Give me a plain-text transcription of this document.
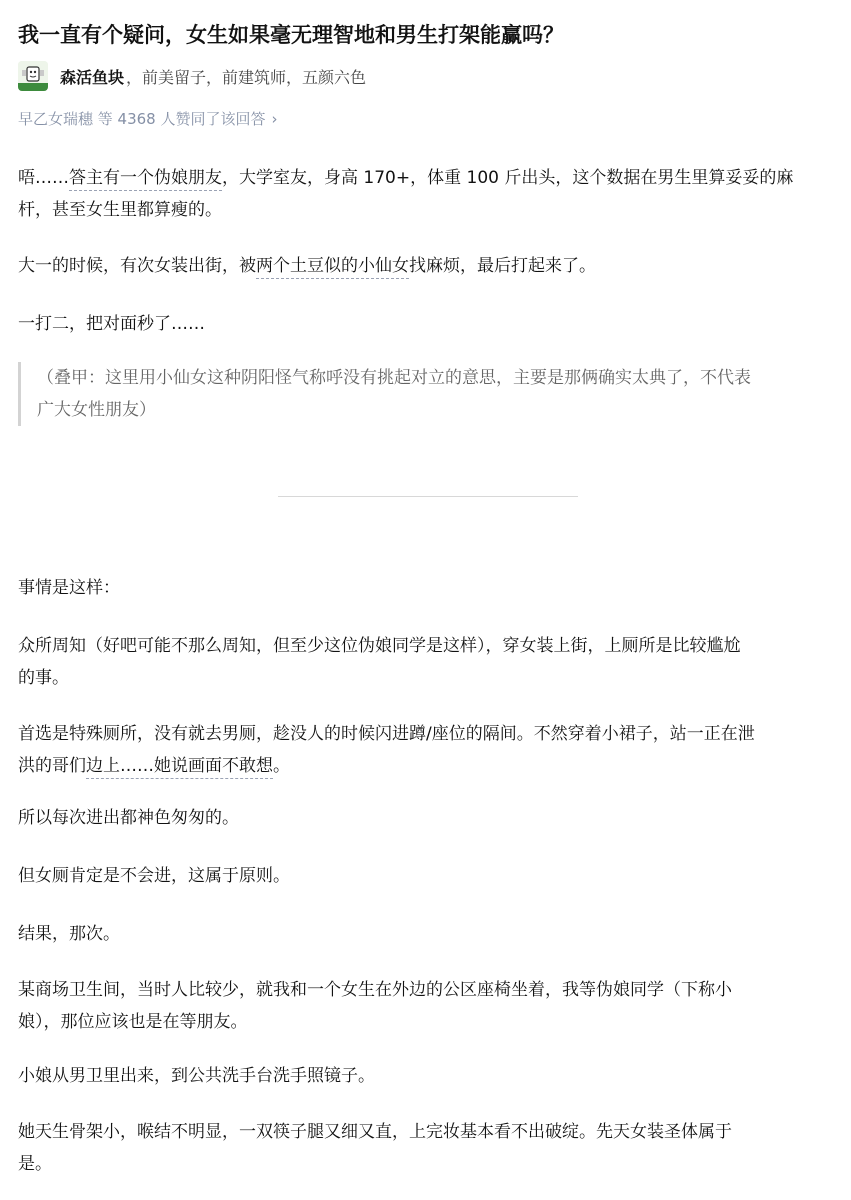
我一直有个疑问，女生如果毫无理智地和男生打架能赢吗？
森活鱼块 ，前美留子，前建筑师，五颜六色
早乙女瑞穗 等 4368 人赞同了该回答 ›

唔……答主有一个伪娘朋友，大学室友，身高 170+，体重 100 斤出头，这个数据在男生里算妥妥的麻
杆，甚至女生里都算瘦的。

大一的时候，有次女装出街，被两个土豆似的小仙女找麻烦，最后打起来了。

一打二，把对面秒了……

（叠甲：这里用小仙女这种阴阳怪气称呼没有挑起对立的意思，主要是那俩确实太典了，不代表
广大女性朋友）

事情是这样：

众所周知（好吧可能不那么周知，但至少这位伪娘同学是这样），穿女装上街，上厕所是比较尴尬
的事。

首选是特殊厕所，没有就去男厕，趁没人的时候闪进蹲/座位的隔间。不然穿着小裙子，站一正在泄
洪的哥们边上……她说画面不敢想。

所以每次进出都神色匆匆的。

但女厕肯定是不会进，这属于原则。

结果，那次。

某商场卫生间，当时人比较少，就我和一个女生在外边的公区座椅坐着，我等伪娘同学（下称小
娘），那位应该也是在等朋友。

小娘从男卫里出来，到公共洗手台洗手照镜子。

她天生骨架小，喉结不明显，一双筷子腿又细又直，上完妆基本看不出破绽。先天女装圣体属于
是。
